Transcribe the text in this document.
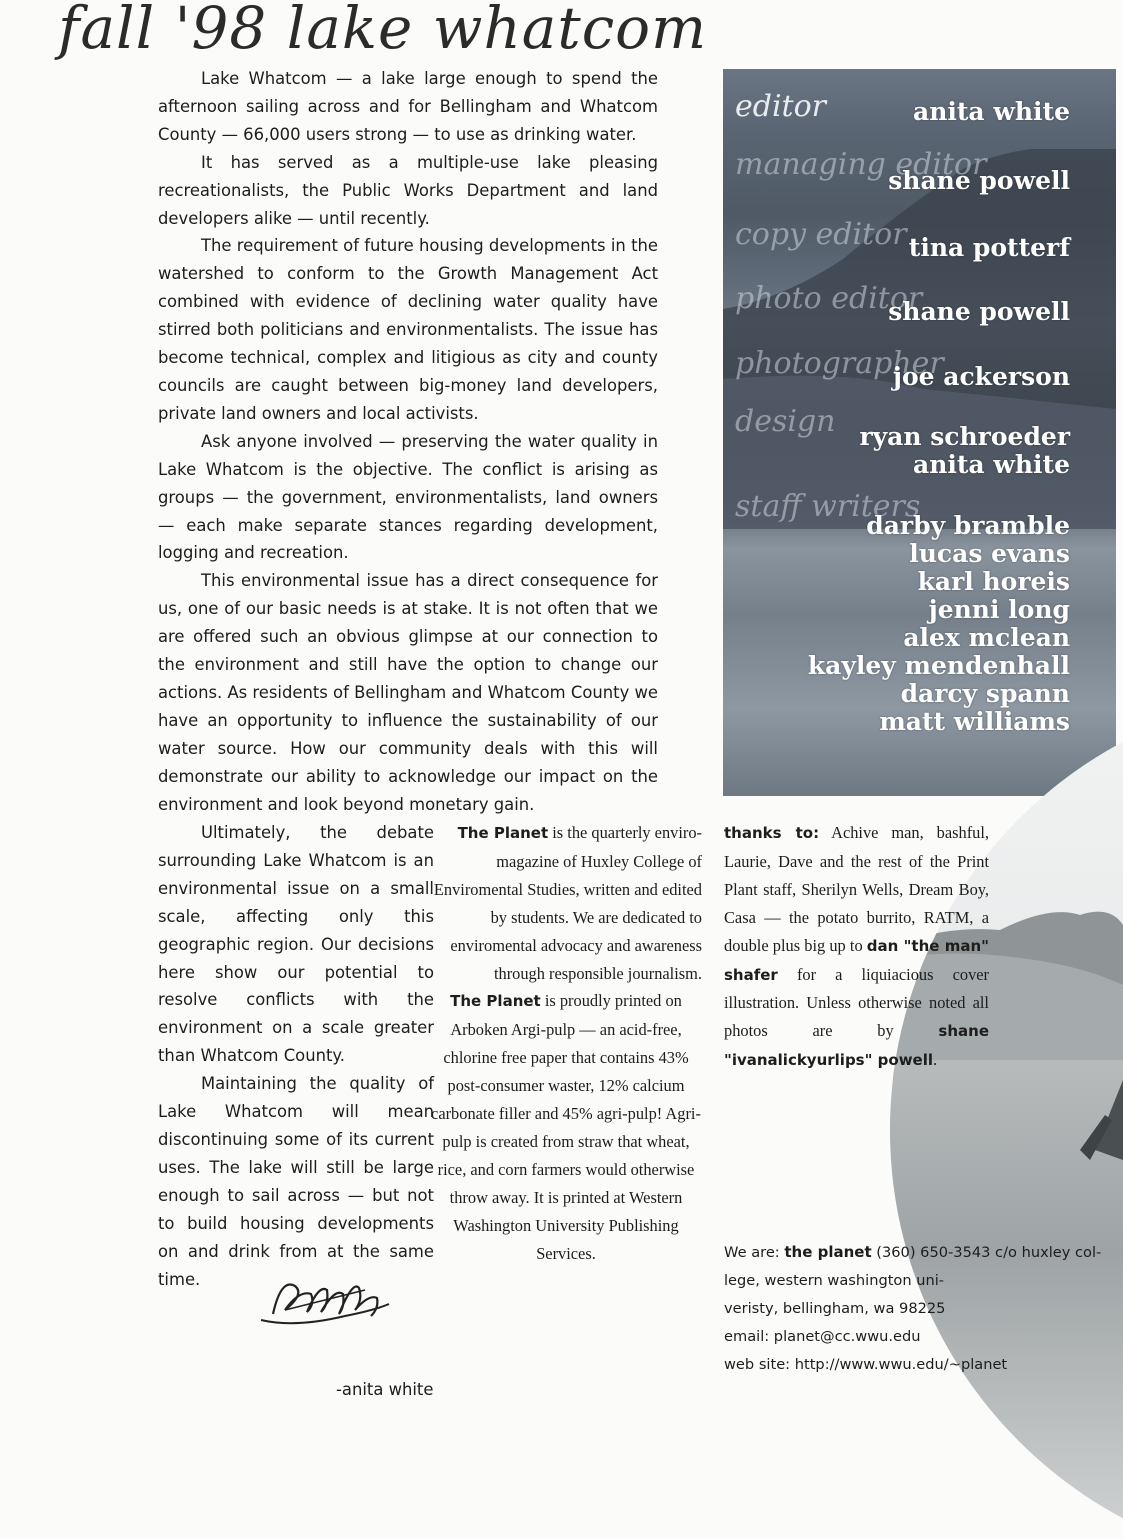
fall '98 lake whatcom

Lake Whatcom — a lake large enough to spend the afternoon sailing across and for Bellingham and Whatcom County — 66,000 users strong — to use as drinking water.

It has served as a multiple-use lake pleasing recreationalists, the Public Works Department and land developers alike — until recently.

The requirement of future housing developments in the watershed to conform to the Growth Management Act combined with evidence of declining water quality have stirred both politicians and environmentalists. The issue has become technical, complex and litigious as city and county councils are caught between big-money land developers, private land owners and local activists.

Ask anyone involved — preserving the water quality in Lake Whatcom is the objective. The conflict is arising as groups — the government, environmentalists, land owners — each make separate stances regarding development, logging and recreation.

This environmental issue has a direct consequence for us, one of our basic needs is at stake. It is not often that we are offered such an obvious glimpse at our connection to the environment and still have the option to change our actions. As residents of Bellingham and Whatcom County we have an opportunity to influence the sustainability of our water source. How our community deals with this will demonstrate our ability to acknowledge our impact on the environment and look beyond monetary gain.

Ultimately, the debate surrounding Lake Whatcom is an environmental issue on a small scale, affecting only this geographic region. Our decisions here show our potential to resolve conflicts with the environment on a scale greater than Whatcom County.

Maintaining the quality of Lake Whatcom will mean discontinuing some of its current uses. The lake will still be large enough to sail across — but not to build housing developments on and drink from at the same time.

-anita white

The Planet is the quarterly enviro-magazine of Huxley College of Enviromental Studies, written and edited by students. We are dedicated to enviromental advocacy and awareness through responsible journalism.

The Planet is proudly printed on Arboken Argi-pulp — an acid-free, chlorine free paper that contains 43% post-consumer waster, 12% calcium carbonate filler and 45% agri-pulp! Agri-pulp is created from straw that wheat, rice, and corn farmers would otherwise throw away. It is printed at Western Washington University Publishing Services.

editor	anita white
managing editor
shane powell
copy editor tina potterf
photo editor
shane powell
photographer
joe ackerson
design ryan schroeder
anita white
staff writers
darby bramble
lucas evans
karl horeis
jenni long
alex mclean
kayley mendenhall
darcy spann
matt williams
thanks to: Achive man, bashful, Laurie, Dave and the rest of the Print Plant staff, Sherilyn Wells, Dream Boy, Casa — the potato burrito, RATM, a double plus big up to dan "the man" shafer for a liquiacious cover illustration. Unless otherwise noted all photos are by shane "ivanalickyurlips" powell.
We are: the planet (360) 650-3543 c/o huxley col-
lege, western washington uni-
veristy, bellingham, wa 98225
email: planet@cc.wwu.edu
web site: http://www.wwu.edu/~planet
